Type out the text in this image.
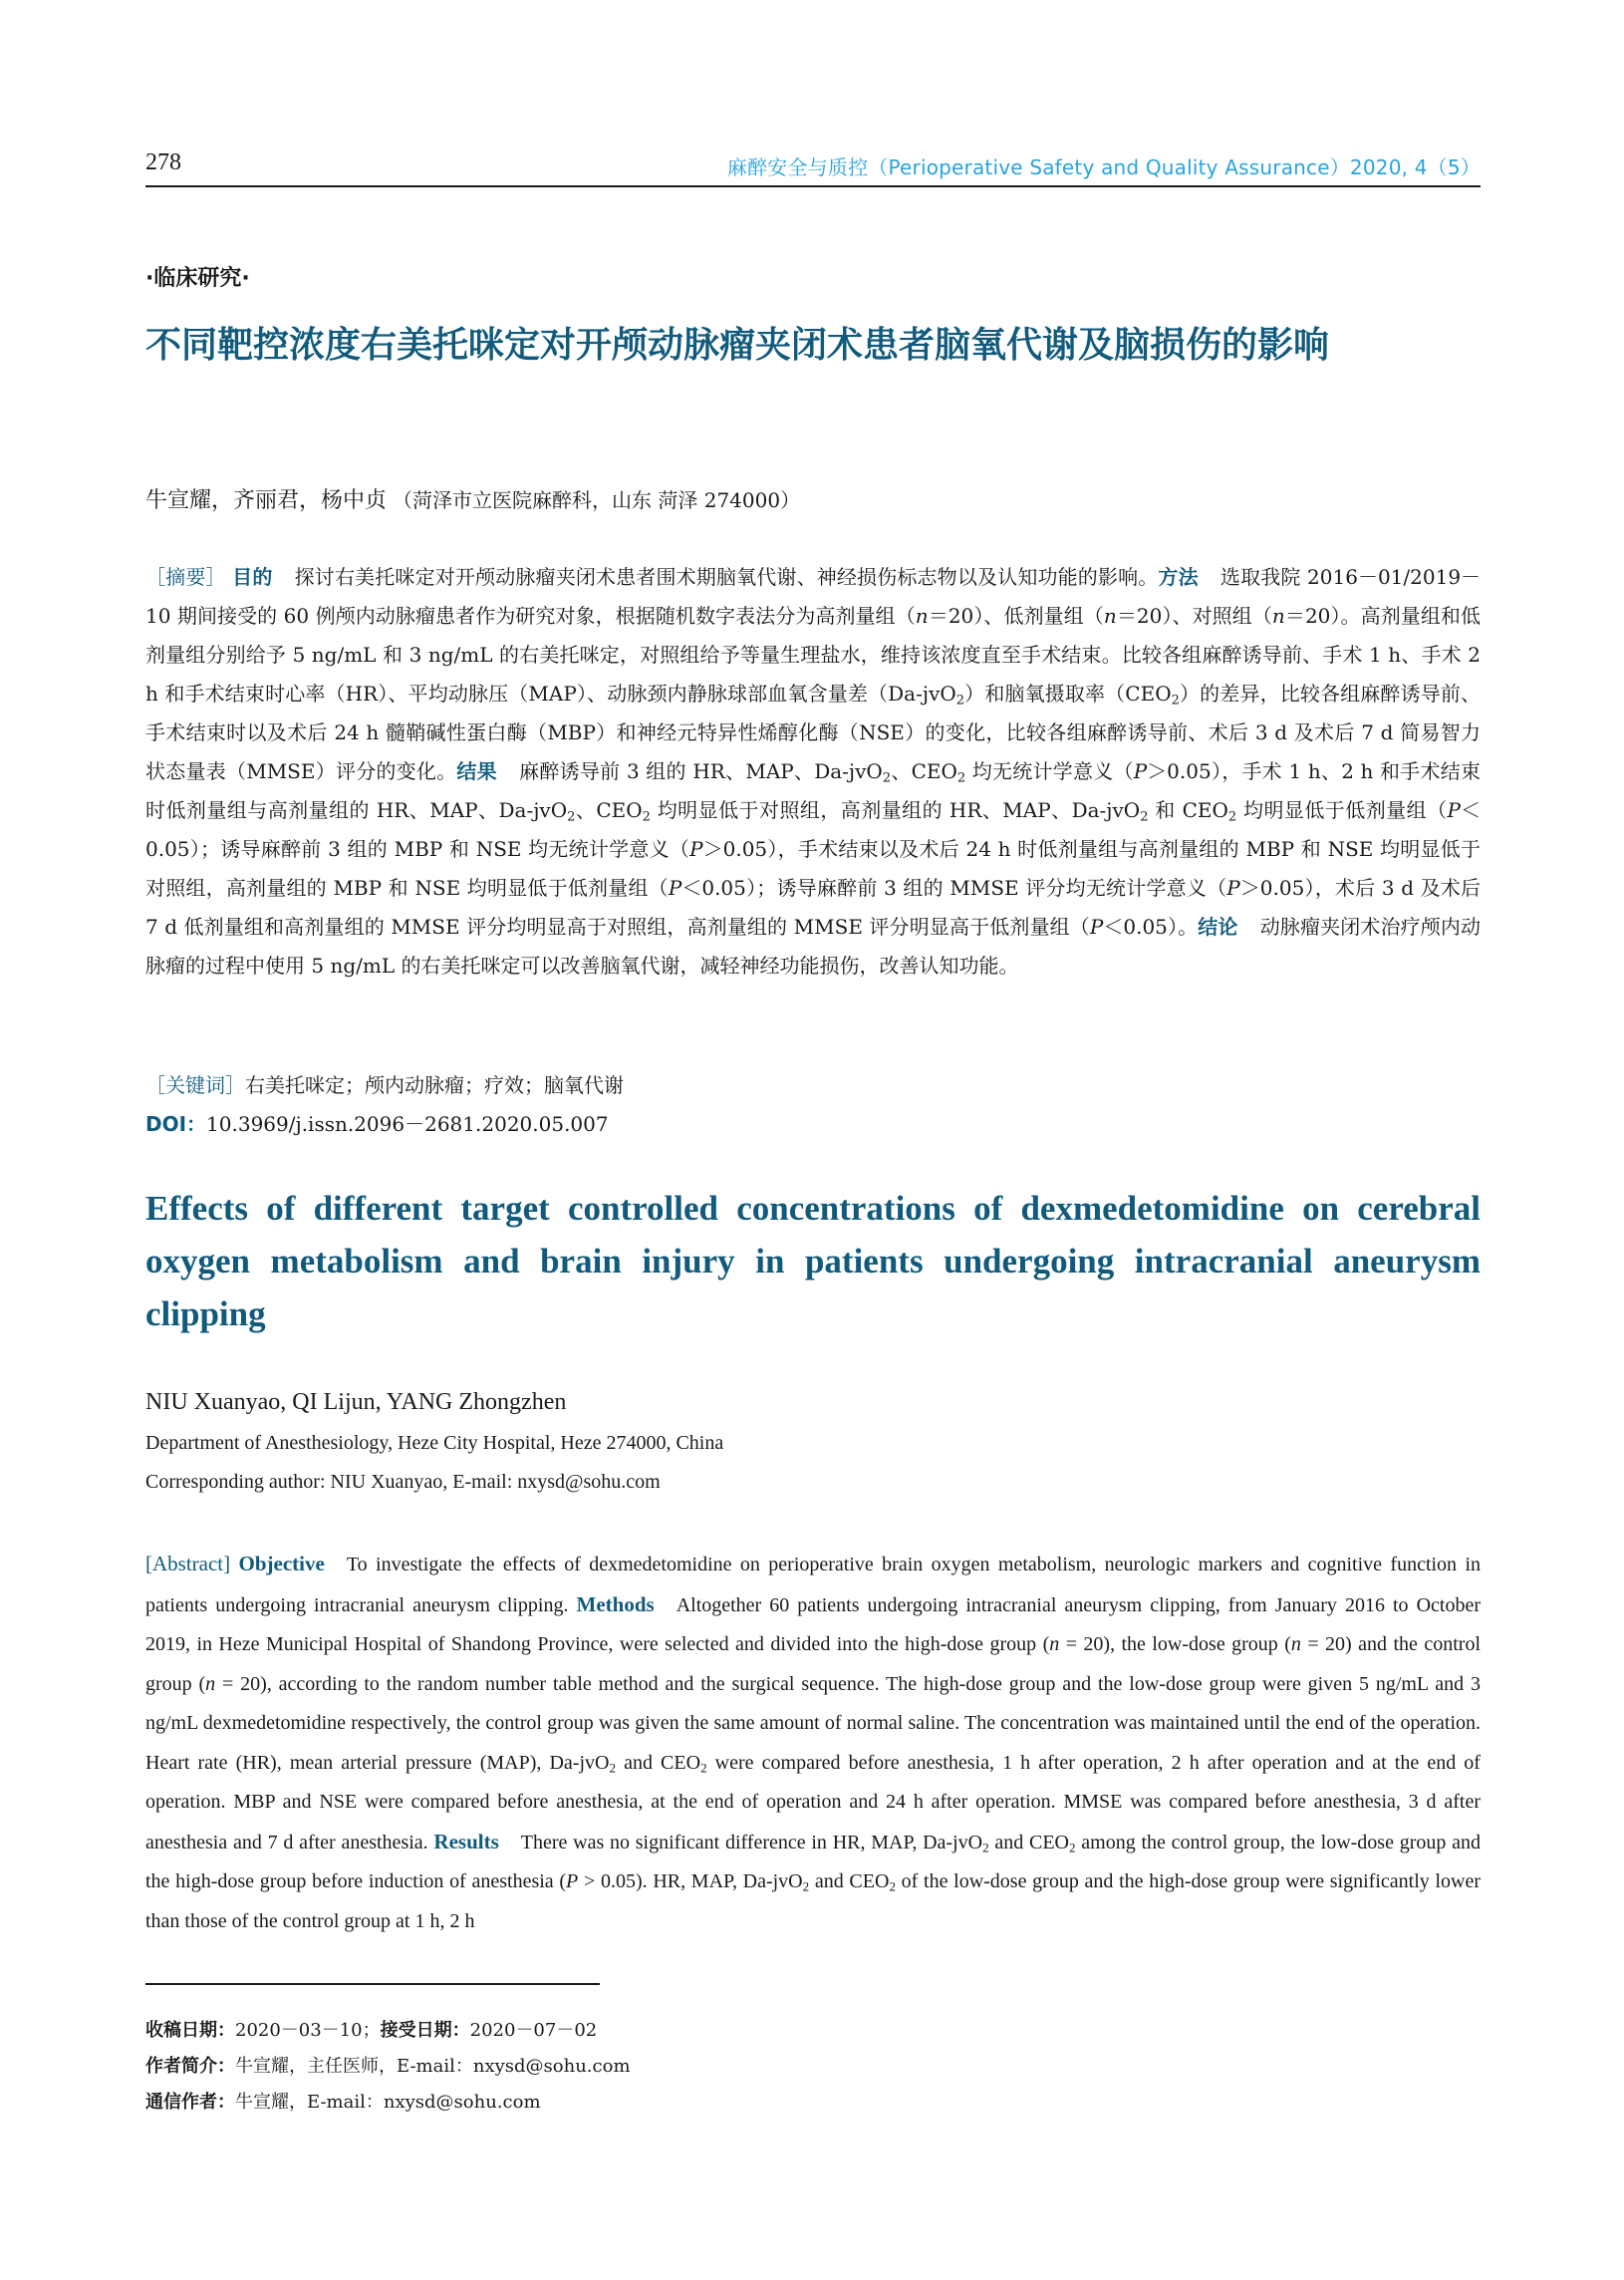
278	麻醉安全与质控（Perioperative Safety and Quality Assurance）2020, 4（5）
·临床研究·
不同靶控浓度右美托咪定对开颅动脉瘤夹闭术患者脑氧代谢及脑损伤的影响
牛宣耀，齐丽君，杨中贞 （菏泽市立医院麻醉科，山东 菏泽 274000）
［摘要］ 目的 探讨右美托咪定对开颅动脉瘤夹闭术患者围术期脑氧代谢、神经损伤标志物以及认知功能的影响。方法 选取我院 2016－01/2019－10 期间接受的 60 例颅内动脉瘤患者作为研究对象，根据随机数字表法分为高剂量组（n＝20）、低剂量组（n＝20）、对照组（n＝20）。高剂量组和低剂量组分别给予 5 ng/mL 和 3 ng/mL 的右美托咪定，对照组给予等量生理盐水，维持该浓度直至手术结束。比较各组麻醉诱导前、手术 1 h、手术 2 h 和手术结束时心率（HR）、平均动脉压（MAP）、动脉颈内静脉球部血氧含量差（Da-jvO$_2$）和脑氧摄取率$(CEO_2)$的差异，比较各组麻醉诱导前、手术结束时以及术后 24 h 髓鞘碱性蛋白酶（MBP）和神经元特异性烯醇化酶（NSE）的变化，比较各组麻醉诱导前、术后 3 d 及术后 7 d 简易智力状态量表（MMSE）评分的变化。结果 麻醉诱导前 3 组的 HR、MAP、Da-jvO$_2$、$CEO_2$ 均无统计学意义（P＞0.05），手术 1 h、2 h 和手术结束时低剂量组与高剂量组的 HR、MAP、Da-jvO$_2$、$CEO_2$ 均明显低于对照组，高剂量组的 HR、MAP、Da-jvO$_2$ 和 $CEO_2$ 均明显低于低剂量组（P＜0.05）；诱导麻醉前 3 组的 MBP 和 NSE 均无统计学意义（P＞0.05），手术结束以及术后 24 h 时低剂量组与高剂量组的 MBP 和 NSE 均明显低于对照组，高剂量组的 MBP 和 NSE 均明显低于低剂量组（P＜0.05）；诱导麻醉前 3 组的 MMSE 评分均无统计学意义（P＞0.05），术后 3 d 及术后 7 d 低剂量组和高剂量组的 MMSE 评分均明显高于对照组，高剂量组的 MMSE 评分明显高于低剂量组（P＜0.05）。结论 动脉瘤夹闭术治疗颅内动脉瘤的过程中使用 5 ng/mL 的右美托咪定可以改善脑氧代谢，减轻神经功能损伤，改善认知功能。
［关键词］右美托咪定；颅内动脉瘤；疗效；脑氧代谢
DOI：10.3969/j.issn.2096－2681.2020.05.007
Effects of different target controlled concentrations of dexmedetomidine on cerebral oxygen metabolism and brain injury in patients undergoing intracranial aneurysm clipping
NIU Xuanyao, QI Lijun, YANG Zhongzhen
Department of Anesthesiology, Heze City Hospital, Heze 274000, China
Corresponding author: NIU Xuanyao, E-mail: nxysd@sohu.com
[Abstract] Objective To investigate the effects of dexmedetomidine on perioperative brain oxygen metabolism, neurologic markers and cognitive function in patients undergoing intracranial aneurysm clipping. Methods Altogether 60 patients undergoing intracranial aneurysm clipping, from January 2016 to October 2019, in Heze Municipal Hospital of Shandong Province, were selected and divided into the high-dose group (n = 20), the low-dose group (n = 20) and the control group (n = 20), according to the random number table method and the surgical sequence. The high-dose group and the low-dose group were given 5 ng/mL and 3 ng/mL dexmedetomidine respectively, the control group was given the same amount of normal saline. The concentration was maintained until the end of the operation. Heart rate (HR), mean arterial pressure (MAP), Da-jvO$_2$ and $CEO_2$ were compared before anesthesia, 1 h after operation, 2 h after operation and at the end of operation. MBP and NSE were compared before anesthesia, at the end of operation and 24 h after operation. MMSE was compared before anesthesia, 3 d after anesthesia and 7 d after anesthesia. Results There was no significant difference in HR, MAP, Da-jvO$_2$ and $CEO_2$ among the control group, the low-dose group and the high-dose group before induction of anesthesia (P > 0.05). HR, MAP, Da-jvO$_2$ and $CEO_2$ of the low-dose group and the high-dose group were significantly lower than those of the control group at 1 h, 2 h
收稿日期：2020－03－10；接受日期：2020－07－02
作者简介：牛宣耀，主任医师，E-mail：nxysd@sohu.com
通信作者：牛宣耀，E-mail：nxysd@sohu.com
